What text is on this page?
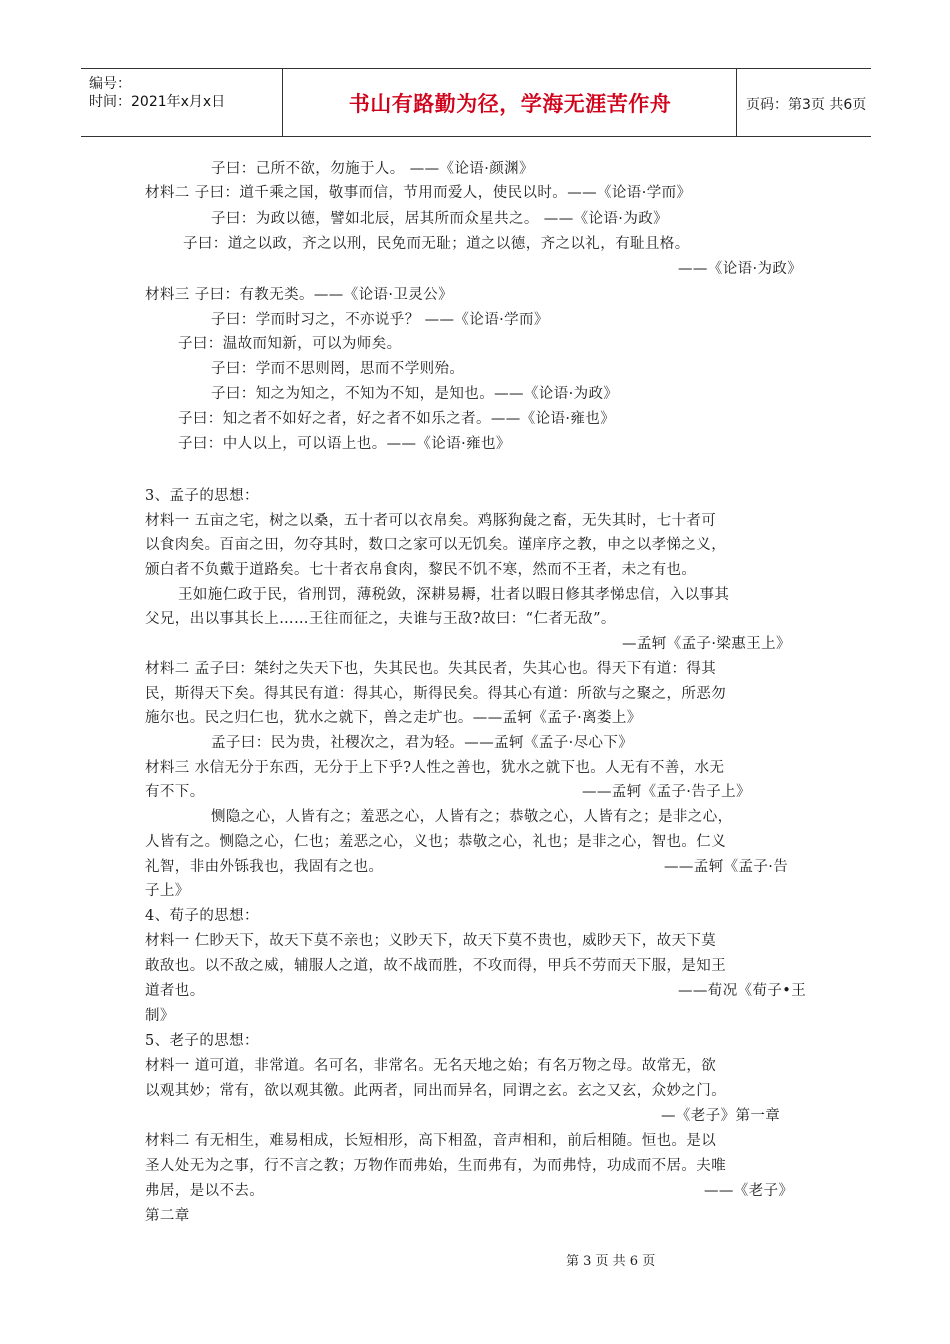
编号：
时间：2021年x月x日	书山有路勤为径，学海无涯苦作舟	页码：第3页 共6页
子曰：己所不欲，勿施于人。 ——《论语·颜渊》
材料二 子曰：道千乘之国，敬事而信，节用而爱人，使民以时。——《论语·学而》
子曰：为政以德，譬如北辰，居其所而众星共之。 ——《论语·为政》
子曰：道之以政，齐之以刑，民免而无耻；道之以德，齐之以礼，有耻且格。
——《论语·为政》
材料三 子曰：有教无类。——《论语·卫灵公》
子曰：学而时习之，不亦说乎？ ——《论语·学而》
子曰：温故而知新，可以为师矣。
子曰：学而不思则罔，思而不学则殆。
子曰：知之为知之，不知为不知，是知也。——《论语·为政》
子曰：知之者不如好之者，好之者不如乐之者。——《论语·雍也》
子曰：中人以上，可以语上也。——《论语·雍也》
3、孟子的思想：
材料一 五亩之宅，树之以桑，五十者可以衣帛矣。鸡豚狗彘之畜，无失其时，七十者可
以食肉矣。百亩之田，勿夺其时，数口之家可以无饥矣。谨庠序之教，申之以孝悌之义，
颁白者不负戴于道路矣。七十者衣帛食肉，黎民不饥不寒，然而不王者，未之有也。
王如施仁政于民，省刑罚，薄税敛，深耕易耨，壮者以暇日修其孝悌忠信，入以事其
父兄，出以事其长上……王往而征之，夫谁与王敌?故曰：“仁者无敌”。
—孟轲《孟子·梁惠王上》
材料二 孟子曰：桀纣之失天下也，失其民也。失其民者，失其心也。得天下有道：得其
民，斯得天下矣。得其民有道：得其心，斯得民矣。得其心有道：所欲与之聚之，所恶勿
施尔也。民之归仁也，犹水之就下，兽之走圹也。——孟轲《孟子·离娄上》
孟子曰：民为贵，社稷次之，君为轻。——孟轲《孟子·尽心下》
材料三 水信无分于东西，无分于上下乎?人性之善也，犹水之就下也。人无有不善，水无
有不下。	——孟轲《孟子·告子上》
恻隐之心，人皆有之；羞恶之心，人皆有之；恭敬之心，人皆有之；是非之心，
人皆有之。恻隐之心，仁也；羞恶之心，义也；恭敬之心，礼也；是非之心，智也。仁义
礼智，非由外铄我也，我固有之也。	——孟轲《孟子·告
子上》
4、荀子的思想：
材料一 仁眇天下，故天下莫不亲也；义眇天下，故天下莫不贵也，威眇天下，故天下莫
敢敌也。以不敌之威，辅服人之道，故不战而胜，不攻而得，甲兵不劳而天下服，是知王
道者也。	——荀况《荀子•王
制》
5、老子的思想：
材料一 道可道，非常道。名可名，非常名。无名天地之始；有名万物之母。故常无，欲
以观其妙；常有，欲以观其徼。此两者，同出而异名，同谓之玄。玄之又玄，众妙之门。
—《老子》第一章
材料二 有无相生，难易相成，长短相形，高下相盈，音声相和，前后相随。恒也。是以
圣人处无为之事，行不言之教；万物作而弗始，生而弗有，为而弗恃，功成而不居。夫唯
弗居，是以不去。	——《老子》
第二章
第 3 页 共 6 页
